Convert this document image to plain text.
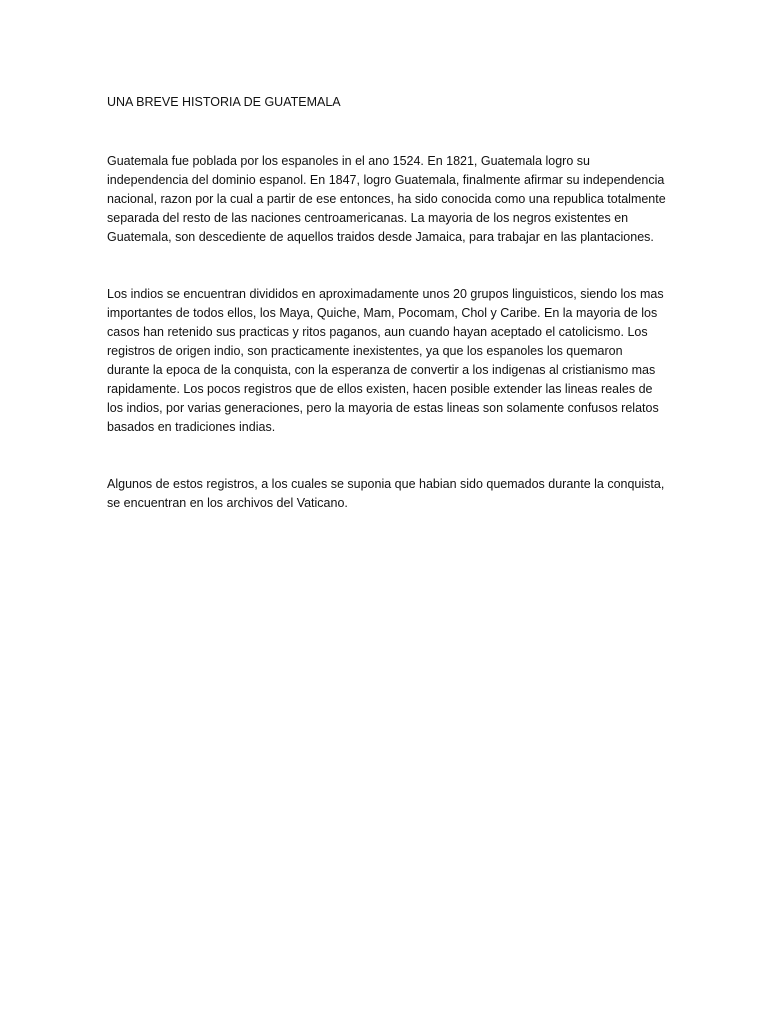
UNA BREVE HISTORIA DE GUATEMALA

Guatemala fue poblada por los espanoles in el ano 1524. En 1821, Guatemala logro su independencia del dominio espanol. En 1847, logro Guatemala, finalmente afirmar su independencia nacional, razon por la cual a partir de ese entonces, ha sido conocida como una republica totalmente separada del resto de las naciones centroamericanas. La mayoria de los negros existentes en Guatemala, son descediente de aquellos traidos desde Jamaica, para trabajar en las plantaciones.

Los indios se encuentran divididos en aproximadamente unos 20 grupos linguisticos, siendo los mas importantes de todos ellos, los Maya, Quiche, Mam, Pocomam, Chol y Caribe. En la mayoria de los casos han retenido sus practicas y ritos paganos, aun cuando hayan aceptado el catolicismo. Los registros de origen indio, son practicamente inexistentes, ya que los espanoles los quemaron durante la epoca de la conquista, con la esperanza de convertir a los indigenas al cristianismo mas rapidamente. Los pocos registros que de ellos existen, hacen posible extender las lineas reales de los indios, por varias generaciones, pero la mayoria de estas lineas son solamente confusos relatos basados en tradiciones indias.

Algunos de estos registros, a los cuales se suponia que habian sido quemados durante la conquista, se encuentran en los archivos del Vaticano.
